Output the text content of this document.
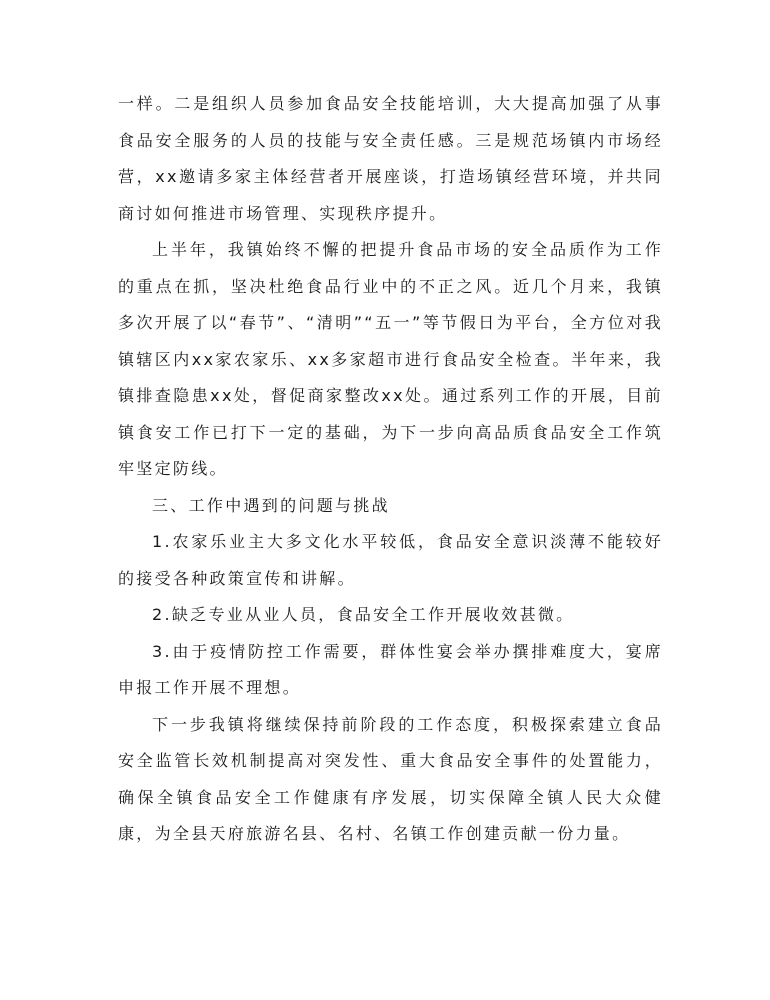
一样。二是组织人员参加食品安全技能培训，大大提高加强了从事食品安全服务的人员的技能与安全责任感。三是规范场镇内市场经营，xx邀请多家主体经营者开展座谈，打造场镇经营环境，并共同商讨如何推进市场管理、实现秩序提升。

上半年，我镇始终不懈的把提升食品市场的安全品质作为工作的重点在抓，坚决杜绝食品行业中的不正之风。近几个月来，我镇多次开展了以“春节”、“清明”“五一”等节假日为平台，全方位对我镇辖区内xx家农家乐、xx多家超市进行食品安全检查。半年来，我镇排查隐患xx处，督促商家整改xx处。通过系列工作的开展，目前镇食安工作已打下一定的基础，为下一步向高品质食品安全工作筑牢坚定防线。

三、工作中遇到的问题与挑战

1.农家乐业主大多文化水平较低，食品安全意识淡薄不能较好的接受各种政策宣传和讲解。

2.缺乏专业从业人员，食品安全工作开展收效甚微。

3.由于疫情防控工作需要，群体性宴会举办撰排难度大，宴席申报工作开展不理想。

下一步我镇将继续保持前阶段的工作态度，积极探索建立食品安全监管长效机制提高对突发性、重大食品安全事件的处置能力，确保全镇食品安全工作健康有序发展，切实保障全镇人民大众健康，为全县天府旅游名县、名村、名镇工作创建贡献一份力量。
